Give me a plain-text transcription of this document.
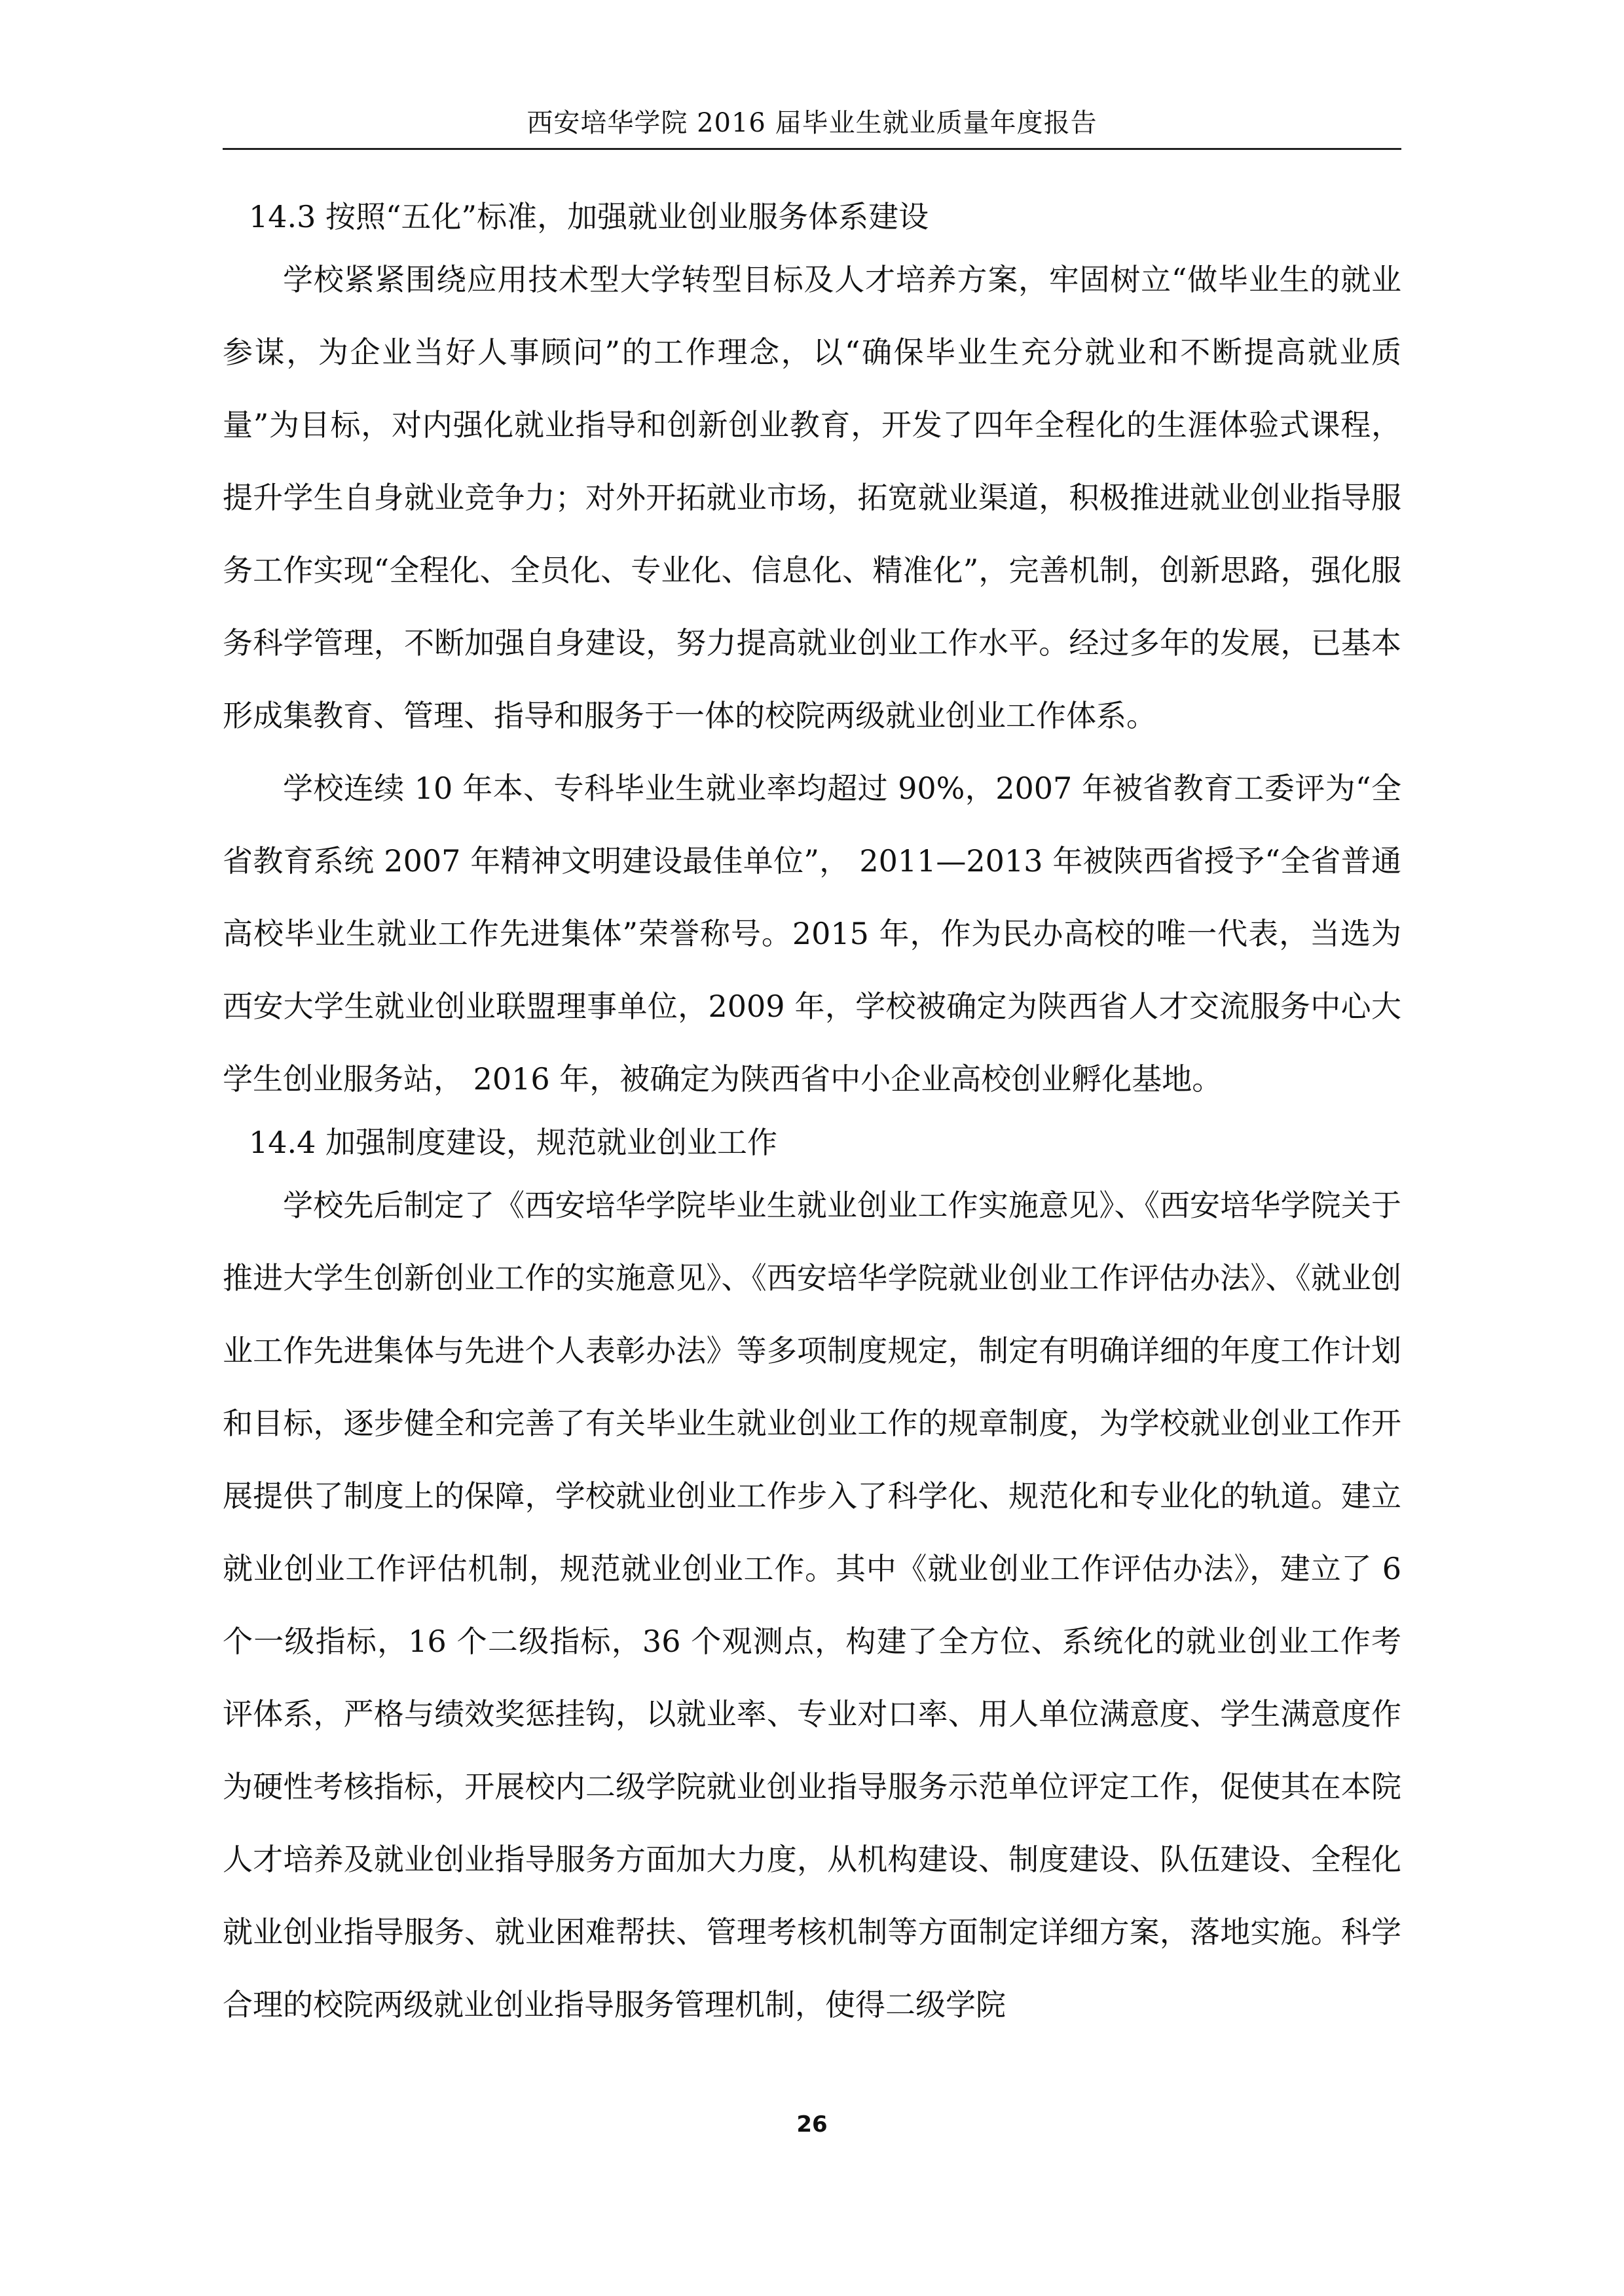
西安培华学院 2016 届毕业生就业质量年度报告
14.3 按照“五化”标准，加强就业创业服务体系建设

学校紧紧围绕应用技术型大学转型目标及人才培养方案，牢固树立“做毕业生的就业参谋，为企业当好人事顾问”的工作理念，以“确保毕业生充分就业和不断提高就业质量”为目标，对内强化就业指导和创新创业教育，开发了四年全程化的生涯体验式课程，提升学生自身就业竞争力；对外开拓就业市场，拓宽就业渠道，积极推进就业创业指导服务工作实现“全程化、全员化、专业化、信息化、精准化”，完善机制，创新思路，强化服务科学管理，不断加强自身建设，努力提高就业创业工作水平。经过多年的发展，已基本形成集教育、管理、指导和服务于一体的校院两级就业创业工作体系。

学校连续 10 年本、专科毕业生就业率均超过 90%，2007 年被省教育工委评为“全省教育系统 2007 年精神文明建设最佳单位”， 2011—2013 年被陕西省授予“全省普通高校毕业生就业工作先进集体”荣誉称号。2015 年，作为民办高校的唯一代表，当选为西安大学生就业创业联盟理事单位，2009 年，学校被确定为陕西省人才交流服务中心大学生创业服务站， 2016 年，被确定为陕西省中小企业高校创业孵化基地。

14.4 加强制度建设，规范就业创业工作

学校先后制定了《西安培华学院毕业生就业创业工作实施意见》、《西安培华学院关于推进大学生创新创业工作的实施意见》、《西安培华学院就业创业工作评估办法》、《就业创业工作先进集体与先进个人表彰办法》等多项制度规定，制定有明确详细的年度工作计划和目标，逐步健全和完善了有关毕业生就业创业工作的规章制度，为学校就业创业工作开展提供了制度上的保障，学校就业创业工作步入了科学化、规范化和专业化的轨道。建立就业创业工作评估机制，规范就业创业工作。其中《就业创业工作评估办法》，建立了 6 个一级指标，16 个二级指标，36 个观测点，构建了全方位、系统化的就业创业工作考评体系，严格与绩效奖惩挂钩，以就业率、专业对口率、用人单位满意度、学生满意度作为硬性考核指标，开展校内二级学院就业创业指导服务示范单位评定工作，促使其在本院人才培养及就业创业指导服务方面加大力度，从机构建设、制度建设、队伍建设、全程化就业创业指导服务、就业困难帮扶、管理考核机制等方面制定详细方案，落地实施。科学合理的校院两级就业创业指导服务管理机制，使得二级学院

26
